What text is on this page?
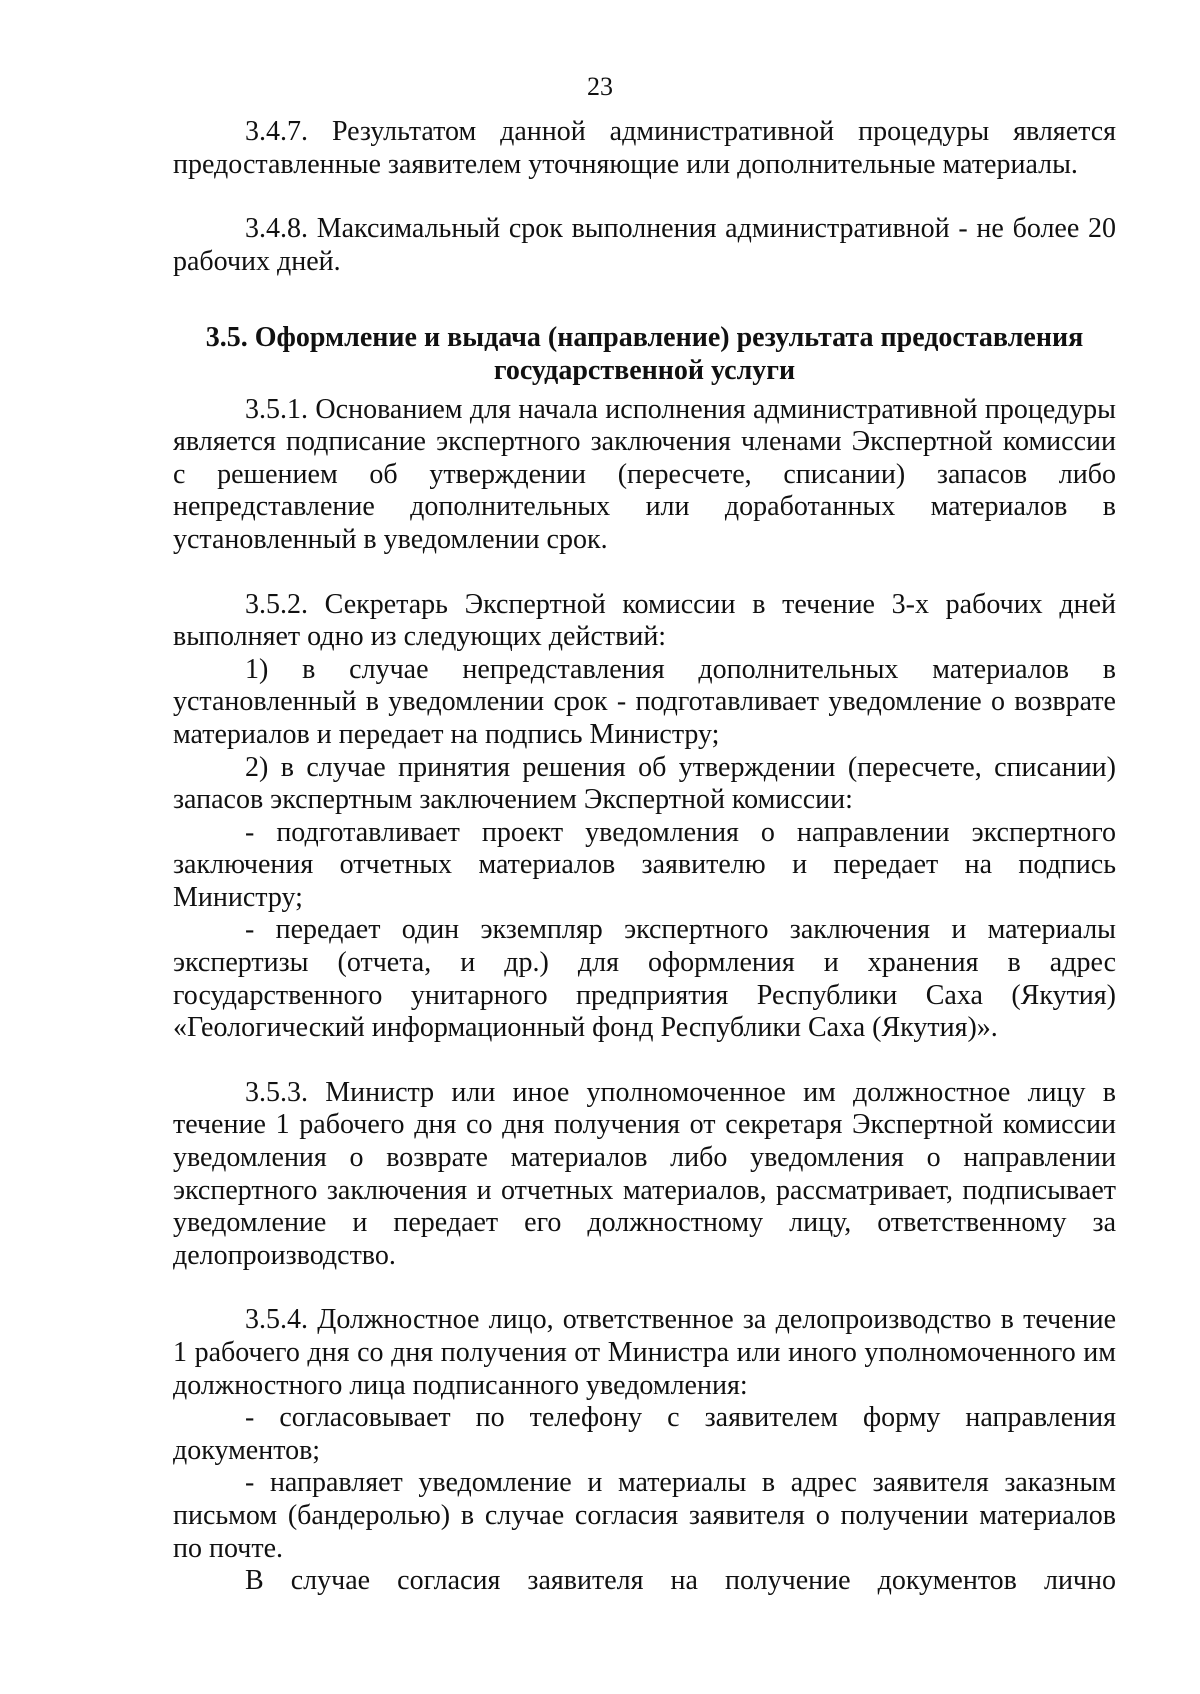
23

3.4.7. Результатом данной административной процедуры является предоставленные заявителем уточняющие или дополнительные материалы.

3.4.8. Максимальный срок выполнения административной - не более 20 рабочих дней.

3.5. Оформление и выдача (направление) результата предоставления государственной услуги

3.5.1. Основанием для начала исполнения административной процедуры является подписание экспертного заключения членами Экспертной комиссии с решением об утверждении (пересчете, списании) запасов либо непредставление дополнительных или доработанных материалов в установленный в уведомлении срок.

3.5.2. Секретарь Экспертной комиссии в течение 3-х рабочих дней выполняет одно из следующих действий:

1) в случае непредставления дополнительных материалов в установленный в уведомлении срок - подготавливает уведомление о возврате материалов и передает на подпись Министру;

2) в случае принятия решения об утверждении (пересчете, списании) запасов экспертным заключением Экспертной комиссии:

- подготавливает проект уведомления о направлении экспертного заключения отчетных материалов заявителю и передает на подпись Министру;

- передает один экземпляр экспертного заключения и материалы экспертизы (отчета, и др.) для оформления и хранения в адрес государственного унитарного предприятия Республики Саха (Якутия) «Геологический информационный фонд Республики Саха (Якутия)».

3.5.3. Министр или иное уполномоченное им должностное лицу в течение 1 рабочего дня со дня получения от секретаря Экспертной комиссии уведомления о возврате материалов либо уведомления о направлении экспертного заключения и отчетных материалов, рассматривает, подписывает уведомление и передает его должностному лицу, ответственному за делопроизводство.

3.5.4. Должностное лицо, ответственное за делопроизводство в течение 1 рабочего дня со дня получения от Министра или иного уполномоченного им должностного лица подписанного уведомления:

- согласовывает по телефону с заявителем форму направления документов;

- направляет уведомление и материалы в адрес заявителя заказным письмом (бандеролью) в случае согласия заявителя о получении материалов по почте.

В случае согласия заявителя на получение документов лично
